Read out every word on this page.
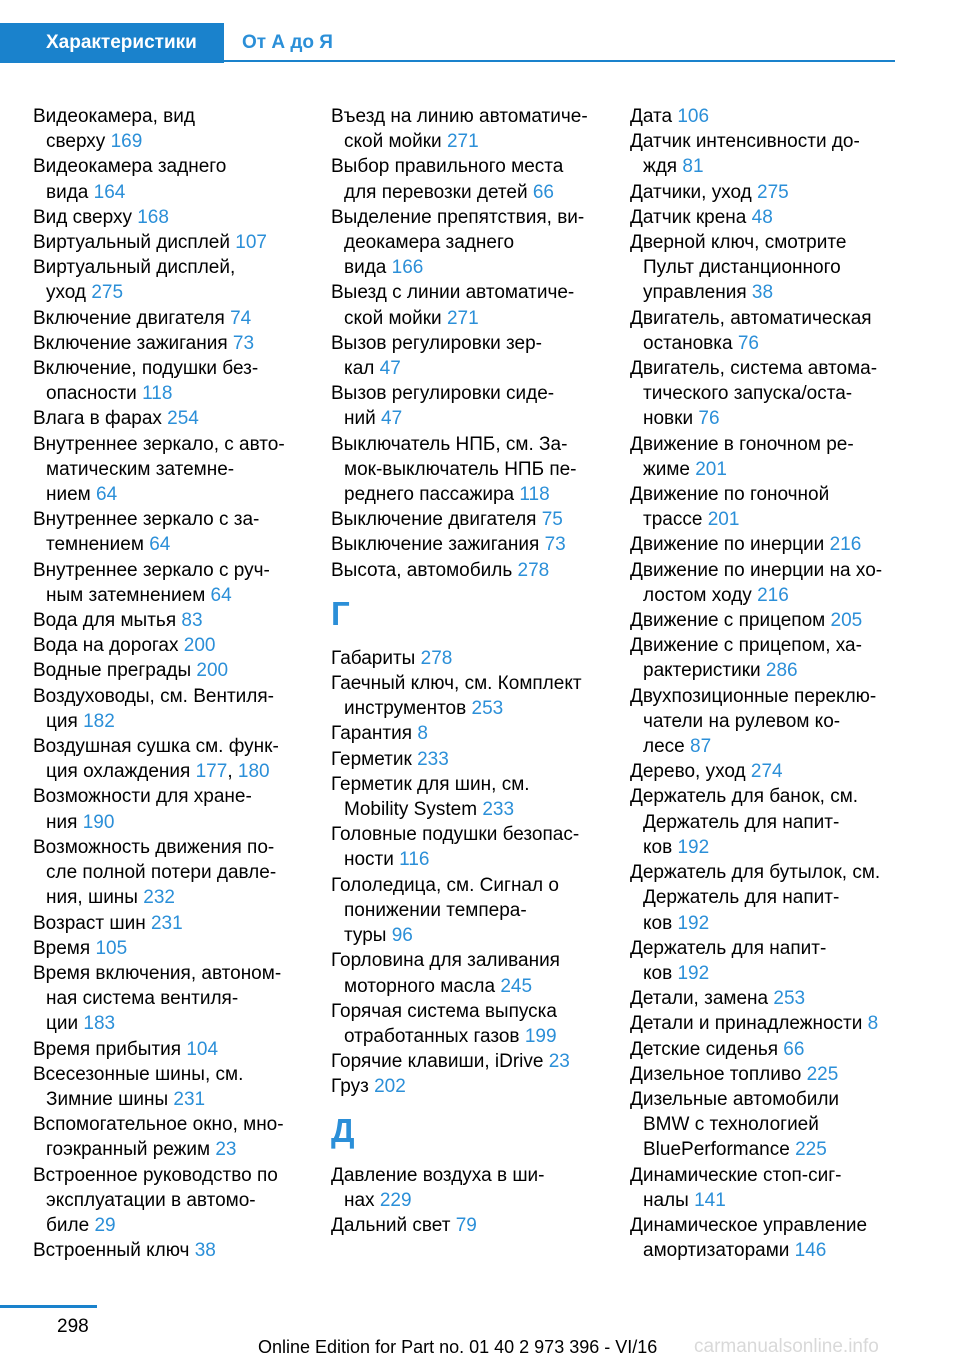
Характеристики	От А до Я
Видеокамера, вид
сверху 169
Видеокамера заднего
вида 164
Вид сверху 168
Виртуальный дисплей 107
Виртуальный дисплей,
уход 275
Включение двигателя 74
Включение зажигания 73
Включение, подушки без-
опасности 118
Влага в фарах 254
Внутреннее зеркало, с авто-
матическим затемне-
нием 64
Внутреннее зеркало с за-
темнением 64
Внутреннее зеркало с руч-
ным затемнением 64
Вода для мытья 83
Вода на дорогах 200
Водные преграды 200
Воздуховоды, см. Вентиля-
ция 182
Воздушная сушка см. функ-
ция охлаждения 177, 180
Возможности для хране-
ния 190
Возможность движения по-
сле полной потери давле-
ния, шины 232
Возраст шин 231
Время 105
Время включения, автоном-
ная система вентиля-
ции 183
Время прибытия 104
Всесезонные шины, см.
Зимние шины 231
Вспомогательное окно, мно-
гоэкранный режим 23
Встроенное руководство по
эксплуатации в автомо-
биле 29
Встроенный ключ 38
Въезд на линию автоматиче-
ской мойки 271
Выбор правильного места
для перевозки детей 66
Выделение препятствия, ви-
деокамера заднего
вида 166
Выезд с линии автоматиче-
ской мойки 271
Вызов регулировки зер-
кал 47
Вызов регулировки сиде-
ний 47
Выключатель НПБ, см. За-
мок-выключатель НПБ пе-
реднего пассажира 118
Выключение двигателя 75
Выключение зажигания 73
Высота, автомобиль 278
Г
Габариты 278
Гаечный ключ, см. Комплект
инструментов 253
Гарантия 8
Герметик 233
Герметик для шин, см.
Mobility System 233
Головные подушки безопас-
ности 116
Гололедица, см. Сигнал о
понижении темпера-
туры 96
Горловина для заливания
моторного масла 245
Горячая система выпуска
отработанных газов 199
Горячие клавиши, iDrive 23
Груз 202
Д
Давление воздуха в ши-
нах 229
Дальний свет 79
Дата 106
Датчик интенсивности до-
ждя 81
Датчики, уход 275
Датчик крена 48
Дверной ключ, смотрите
Пульт дистанционного
управления 38
Двигатель, автоматическая
остановка 76
Двигатель, система автома-
тического запуска/оста-
новки 76
Движение в гоночном ре-
жиме 201
Движение по гоночной
трассе 201
Движение по инерции 216
Движение по инерции на хо-
лостом ходу 216
Движение с прицепом 205
Движение с прицепом, ха-
рактеристики 286
Двухпозиционные переклю-
чатели на рулевом ко-
лесе 87
Дерево, уход 274
Держатель для банок, см.
Держатель для напит-
ков 192
Держатель для бутылок, см.
Держатель для напит-
ков 192
Держатель для напит-
ков 192
Детали, замена 253
Детали и принадлежности 8
Детские сиденья 66
Дизельное топливо 225
Дизельные автомобили
BMW с технологией
BluePerformance 225
Динамические стоп-сиг-
налы 141
Динамическое управление
амортизаторами 146
298
Online Edition for Part no. 01 40 2 973 396 - VI/16 carmanualsonline.info
